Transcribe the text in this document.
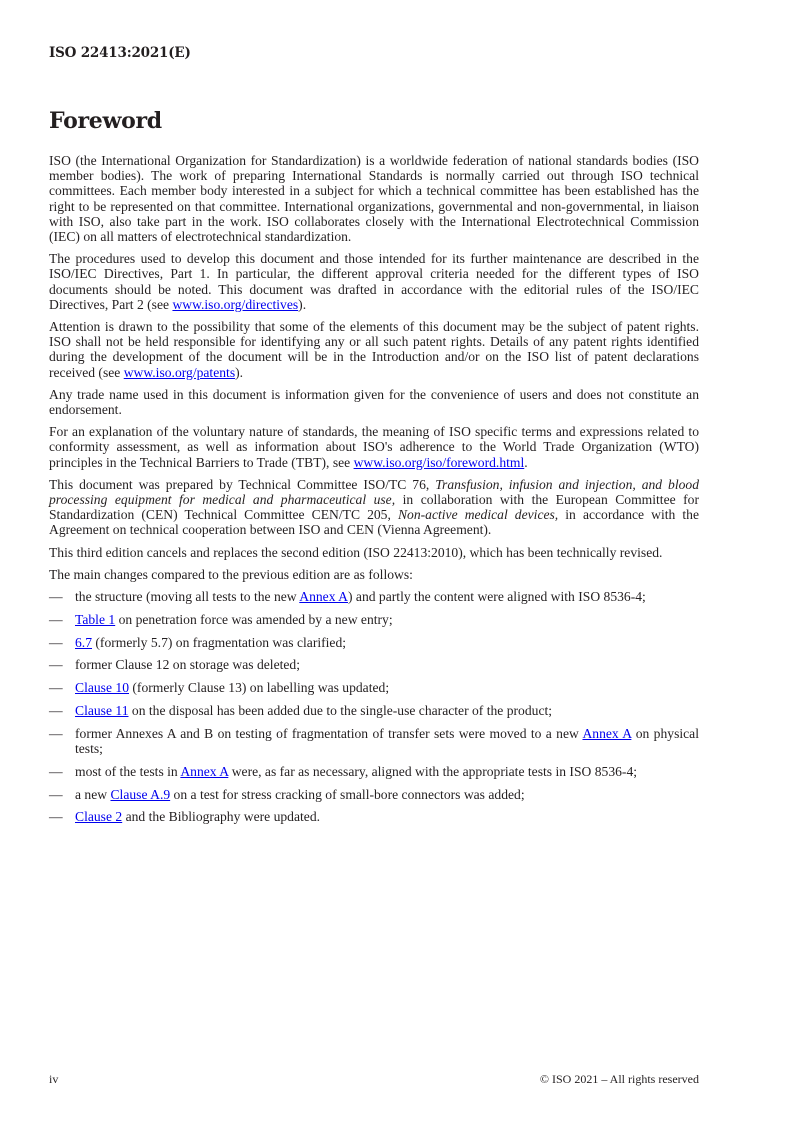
ISO 22413:2021(E)
Foreword

ISO (the International Organization for Standardization) is a worldwide federation of national standards bodies (ISO member bodies). The work of preparing International Standards is normally carried out through ISO technical committees. Each member body interested in a subject for which a technical committee has been established has the right to be represented on that committee. International organizations, governmental and non-governmental, in liaison with ISO, also take part in the work. ISO collaborates closely with the International Electrotechnical Commission (IEC) on all matters of electrotechnical standardization.

The procedures used to develop this document and those intended for its further maintenance are described in the ISO/IEC Directives, Part 1. In particular, the different approval criteria needed for the different types of ISO documents should be noted. This document was drafted in accordance with the editorial rules of the ISO/IEC Directives, Part 2 (see www.iso.org/directives).

Attention is drawn to the possibility that some of the elements of this document may be the subject of patent rights. ISO shall not be held responsible for identifying any or all such patent rights. Details of any patent rights identified during the development of the document will be in the Introduction and/or on the ISO list of patent declarations received (see www.iso.org/patents).

Any trade name used in this document is information given for the convenience of users and does not constitute an endorsement.

For an explanation of the voluntary nature of standards, the meaning of ISO specific terms and expressions related to conformity assessment, as well as information about ISO's adherence to the World Trade Organization (WTO) principles in the Technical Barriers to Trade (TBT), see www.iso.org/iso/foreword.html.

This document was prepared by Technical Committee ISO/TC 76, Transfusion, infusion and injection, and blood processing equipment for medical and pharmaceutical use, in collaboration with the European Committee for Standardization (CEN) Technical Committee CEN/TC 205, Non-active medical devices, in accordance with the Agreement on technical cooperation between ISO and CEN (Vienna Agreement).

This third edition cancels and replaces the second edition (ISO 22413:2010), which has been technically revised.

The main changes compared to the previous edition are as follows:

— the structure (moving all tests to the new Annex A) and partly the content were aligned with ISO 8536-4;
— Table 1 on penetration force was amended by a new entry;
— 6.7 (formerly 5.7) on fragmentation was clarified;
— former Clause 12 on storage was deleted;
— Clause 10 (formerly Clause 13) on labelling was updated;
— Clause 11 on the disposal has been added due to the single-use character of the product;
— former Annexes A and B on testing of fragmentation of transfer sets were moved to a new Annex A on physical tests;
— most of the tests in Annex A were, as far as necessary, aligned with the appropriate tests in ISO 8536-4;
— a new Clause A.9 on a test for stress cracking of small-bore connectors was added;
— Clause 2 and the Bibliography were updated.
iv	© ISO 2021 – All rights reserved
